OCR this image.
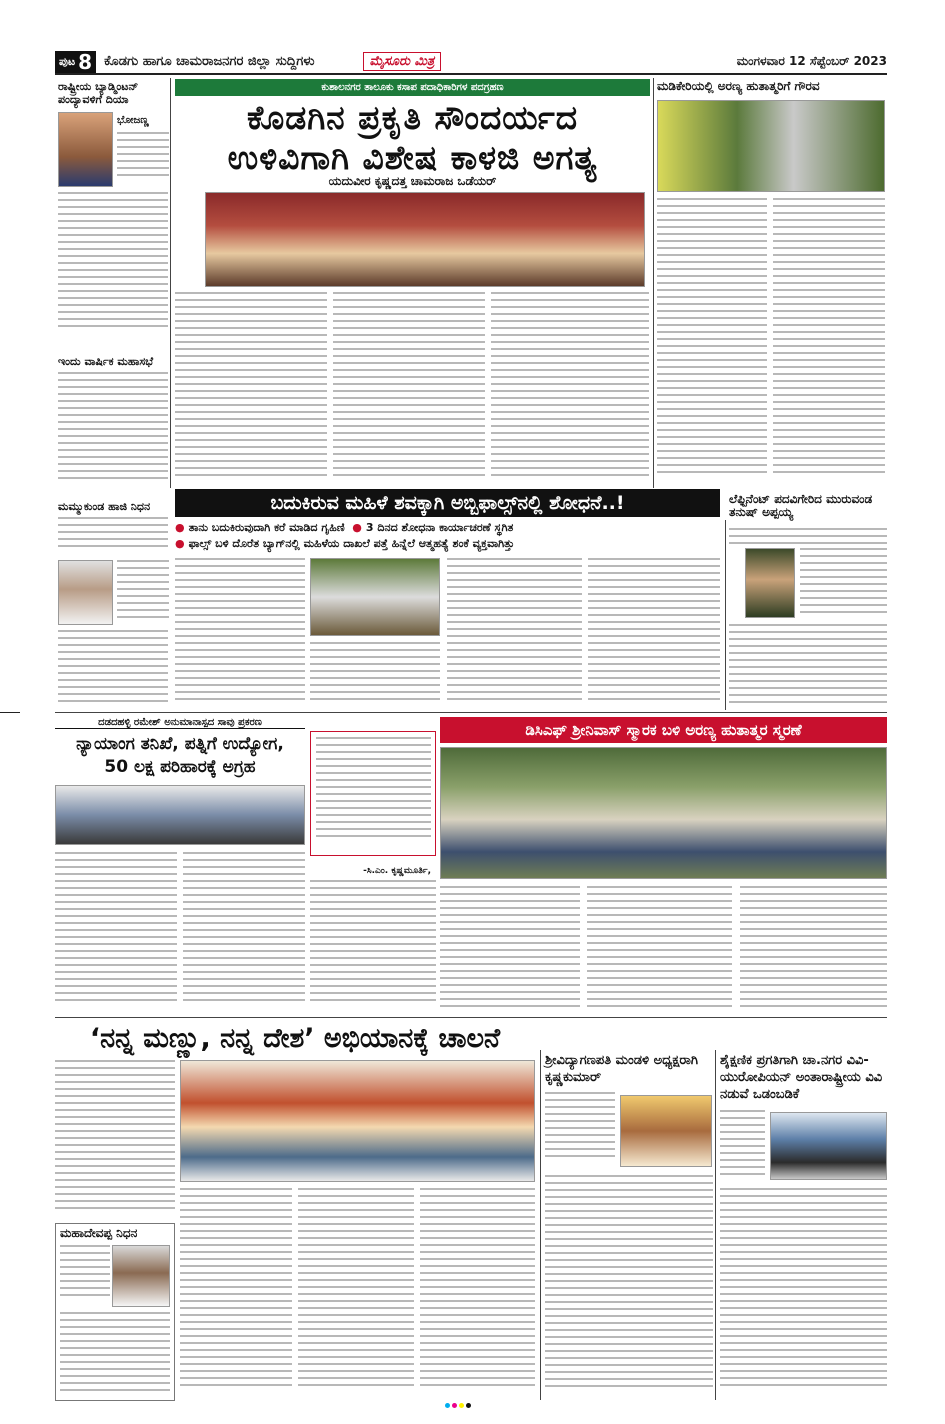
ಪುಟ 8 ಕೊಡಗು ಹಾಗೂ ಚಾಮರಾಜನಗರ ಜಿಲ್ಲಾ ಸುದ್ದಿಗಳು	ಮೈಸೂರು ಮಿತ್ರ	ಮಂಗಳವಾರ 12 ಸೆಪ್ಟೆಂಬರ್ 2023
ರಾಷ್ಟ್ರೀಯ ಬ್ಯಾಡ್ಮಿಂಟನ್ ಪಂದ್ಯಾವಳಿಗೆ ದಿಯಾ
ಭೋಜಣ್ಣ
ಇಂದು ವಾರ್ಷಿಕ ಮಹಾಸಭೆ
ಮಮ್ಮುಕುಂಡ ಹಾಜಿ ನಿಧನ
ಕುಶಾಲನಗರ ತಾಲೂಕು ಕಸಾಪ ಪದಾಧಿಕಾರಿಗಳ ಪದಗ್ರಹಣ
ಕೊಡಗಿನ ಪ್ರಕೃತಿ ಸೌಂದರ್ಯದ
ಉಳಿವಿಗಾಗಿ ವಿಶೇಷ ಕಾಳಜಿ ಅಗತ್ಯ
ಯದುವೀರ ಕೃಷ್ಣದತ್ತ ಚಾಮರಾಜ ಒಡೆಯರ್
ಮಡಿಕೇರಿಯಲ್ಲಿ ಅರಣ್ಯ ಹುತಾತ್ಮರಿಗೆ ಗೌರವ
ಲೆಫ್ಟಿನೆಂಟ್ ಪದವಿಗೇರಿದ ಮುರುವಂಡ ತನುಷ್ ಅಪ್ಪಯ್ಯ
ಬದುಕಿರುವ ಮಹಿಳೆ ಶವಕ್ಕಾಗಿ ಅಬ್ಬಿಫಾಲ್ಸ್‌ನಲ್ಲಿ ಶೋಧನೆ..!
● ತಾನು ಬದುಕಿರುವುದಾಗಿ ಕರೆ ಮಾಡಿದ ಗೃಹಿಣಿ ● 3 ದಿನದ ಶೋಧನಾ ಕಾರ್ಯಾಚರಣೆ ಸ್ಥಗಿತ
● ಫಾಲ್ಸ್ ಬಳಿ ದೊರೆತ ಬ್ಯಾಗ್‌ನಲ್ಲಿ ಮಹಿಳೆಯ ದಾಖಲೆ ಪತ್ತೆ ಹಿನ್ನೆಲೆ ಆತ್ಮಹತ್ಯೆ ಶಂಕೆ ವ್ಯಕ್ತವಾಗಿತ್ತು
ದಡದಹಳ್ಳಿ ರಮೇಶ್ ಅನುಮಾನಾಸ್ಪದ ಸಾವು ಪ್ರಕರಣ
ನ್ಯಾಯಾಂಗ ತನಿಖೆ, ಪತ್ನಿಗೆ ಉದ್ಯೋಗ,
50 ಲಕ್ಷ ಪರಿಹಾರಕ್ಕೆ ಅಗ್ರಹ
-ಸಿ.ಎಂ. ಕೃಷ್ಣಮೂರ್ತಿ,
ಡಿಸಿಎಫ್ ಶ್ರೀನಿವಾಸ್ ಸ್ಮಾರಕ ಬಳಿ ಅರಣ್ಯ ಹುತಾತ್ಮರ ಸ್ಮರಣೆ
‘ನನ್ನ ಮಣ್ಣು, ನನ್ನ ದೇಶ’ ಅಭಿಯಾನಕ್ಕೆ ಚಾಲನೆ
ಮಹಾದೇವಪ್ಪ ನಿಧನ
ಶ್ರೀವಿದ್ಯಾಗಣಪತಿ ಮಂಡಳಿ ಅಧ್ಯಕ್ಷರಾಗಿ ಕೃಷ್ಣಕುಮಾರ್
ಶೈಕ್ಷಣಿಕ ಪ್ರಗತಿಗಾಗಿ ಚಾ.ನಗರ ವಿವಿ- ಯುರೋಪಿಯನ್ ಅಂತಾರಾಷ್ಟ್ರೀಯ ವಿವಿ ನಡುವೆ ಒಡಂಬಡಿಕೆ
